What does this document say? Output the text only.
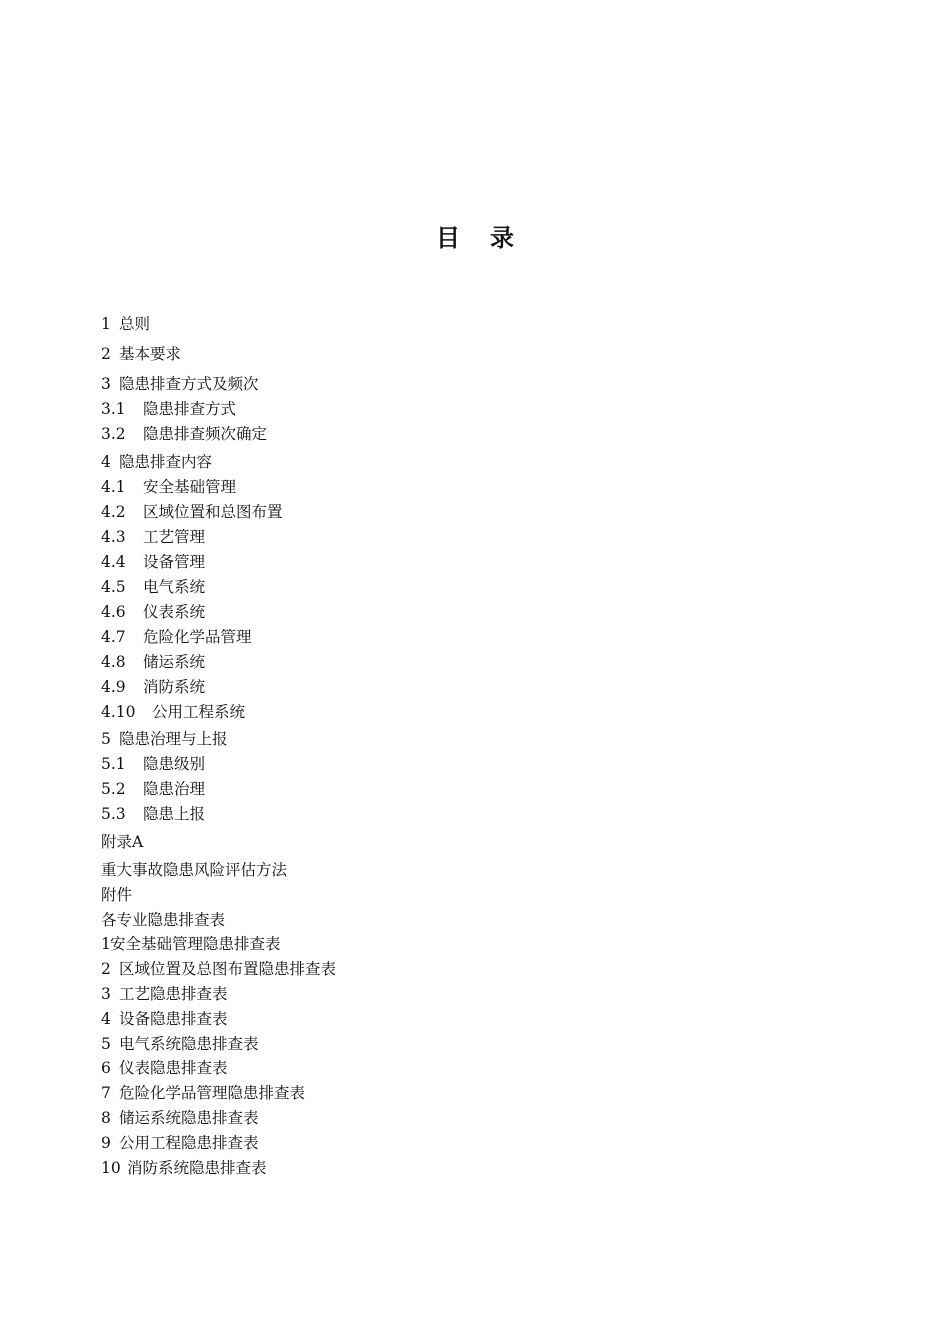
目 录
1 总则
2 基本要求
3 隐患排查方式及频次
3.1 隐患排查方式
3.2 隐患排查频次确定
4 隐患排查内容
4.1 安全基础管理
4.2 区域位置和总图布置
4.3 工艺管理
4.4 设备管理
4.5 电气系统
4.6 仪表系统
4.7 危险化学品管理
4.8 储运系统
4.9 消防系统
4.10 公用工程系统
5 隐患治理与上报
5.1 隐患级别
5.2 隐患治理
5.3 隐患上报
附录A
重大事故隐患风险评估方法
附件
各专业隐患排查表
1安全基础管理隐患排查表
2 区域位置及总图布置隐患排查表
3 工艺隐患排查表
4 设备隐患排查表
5 电气系统隐患排查表
6 仪表隐患排查表
7 危险化学品管理隐患排查表
8 储运系统隐患排查表
9 公用工程隐患排查表
10 消防系统隐患排查表
